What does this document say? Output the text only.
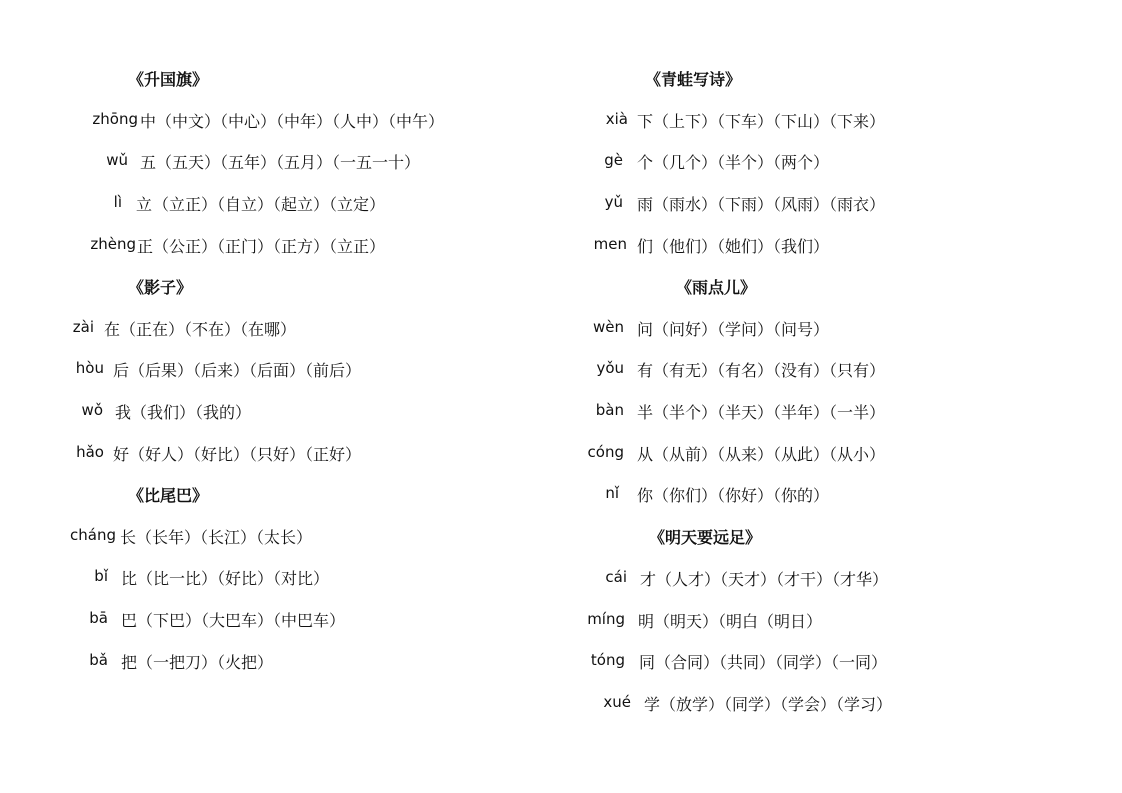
《升国旗》
zhōng 中 （中文）（中心）（中年）（人中）（中午）
wǔ 五 （五天）（五年）（五月）（一五一十）
lì 立 （立正）（自立）（起立）（立定）
zhèng 正 （公正）（正门）（正方）（立正）
《影子》
zài 在 （正在）（不在）（在哪）
hòu 后 （后果）（后来）（后面）（前后）
wǒ 我 （我们）（我的）
hǎo 好 （好人）（好比）（只好）（正好）
《比尾巴》
cháng 长 （长年）（长江）（太长）
bǐ 比 （比一比）（好比）（对比）
bā 巴 （下巴）（大巴车）（中巴车）
bǎ 把 （一把刀）（火把）
《青蛙写诗》
xià 下 （上下）（下车）（下山）（下来）
gè 个 （几个）（半个）（两个）
yǔ 雨 （雨水）（下雨）（风雨）（雨衣）
men 们 （他们）（她们）（我们）
《雨点儿》
wèn 问 （问好）（学问）（问号）
yǒu 有 （有无）（有名）（没有）（只有）
bàn 半 （半个）（半天）（半年）（一半）
cóng 从 （从前）（从来）（从此）（从小）
nǐ 你 （你们）（你好）（你的）
《明天要远足》
cái 才 （人才）（天才）（才干）（才华）
míng 明 （明天）（明白（明日）
tóng 同 （合同）（共同）（同学）（一同）
xué 学 （放学）（同学）（学会）（学习）
